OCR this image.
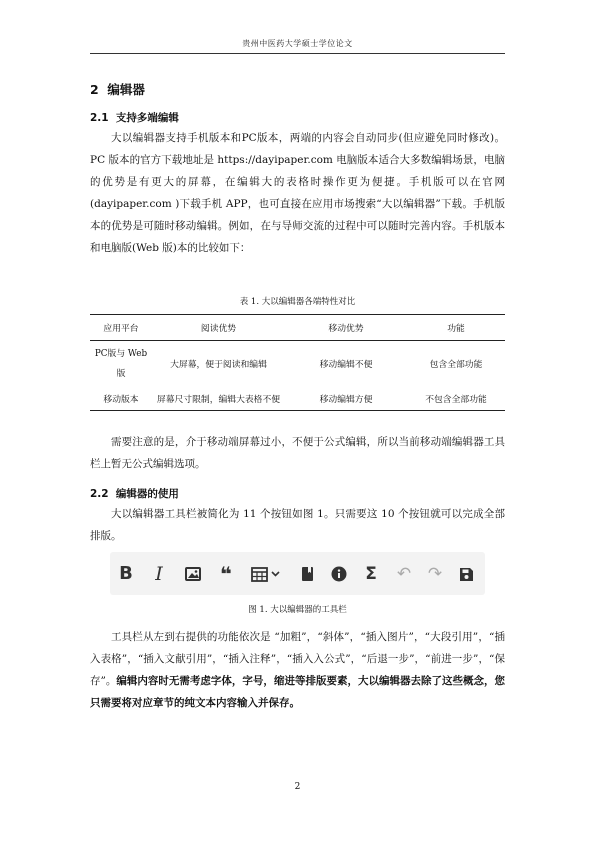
贵州中医药大学硕士学位论文
2 编辑器
2.1 支持多端编辑
大以编辑器支持手机版本和PC版本，两端的内容会自动同步(但应避免同时修改)。PC 版本的官方下载地址是 https://dayipaper.com 电脑版本适合大多数编辑场景，电脑的优势是有更大的屏幕，在编辑大的表格时操作更为便捷。手机版可以在官网(dayipaper.com )下载手机 APP，也可直接在应用市场搜索“大以编辑器”下载。手机版本的优势是可随时移动编辑。例如，在与导师交流的过程中可以随时完善内容。手机版本和电脑版(Web 版)本的比较如下：
表 1. 大以编辑器各端特性对比
应用平台	阅读优势	移动优势	功能
PC版与 Web 版	大屏幕，便于阅读和编辑	移动编辑不便	包含全部功能
移动版本	屏幕尺寸限制，编辑大表格不便	移动编辑方便	不包含全部功能
需要注意的是，介于移动端屏幕过小，不便于公式编辑，所以当前移动端编辑器工具栏上暂无公式编辑选项。
2.2 编辑器的使用
大以编辑器工具栏被简化为 11 个按钮如图 1。只需要这 10 个按钮就可以完成全部排版。
B I	❝	Σ ↶ ↷
图 1. 大以编辑器的工具栏
工具栏从左到右提供的功能依次是 “加粗”，“斜体”，“插入图片”，“大段引用”，“插入表格”，“插入文献引用”，“插入注释”，“插入入公式”，“后退一步”，“前进一步”，“保存”。编辑内容时无需考虑字体，字号，缩进等排版要素，大以编辑器去除了这些概念，您只需要将对应章节的纯文本内容输入并保存。
2
